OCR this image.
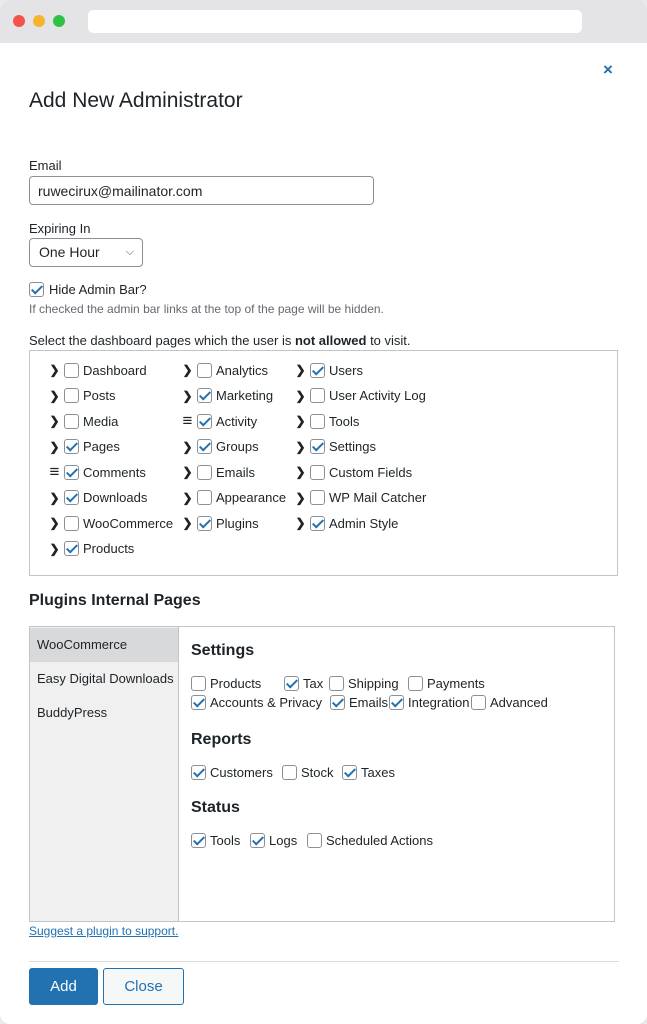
×
Add New Administrator
Email
ruwecirux@mailinator.com
Expiring In
One Hour ⌵
Hide Admin Bar?
If checked the admin bar links at the top of the page will be hidden.
Select the dashboard pages which the user is not allowed to visit.
❯ Dashboard
❯ Posts
❯ Media
❯ Pages
≡ Comments
❯ Downloads
❯ WooCommerce
❯ Products
❯ Analytics
❯ Marketing
≡ Activity
❯ Groups
❯ Emails
❯ Appearance
❯ Plugins
❯ Users
❯ User Activity Log
❯ Tools
❯ Settings
❯ Custom Fields
❯ WP Mail Catcher
❯ Admin Style
Plugins Internal Pages
WooCommerce
Easy Digital Downloads
BuddyPress
Settings
Products	Tax Shipping Payments
Accounts & Privacy Emails Integration Advanced
Reports
Customers Stock Taxes
Status
Tools Logs Scheduled Actions
Suggest a plugin to support.
Add	Close
